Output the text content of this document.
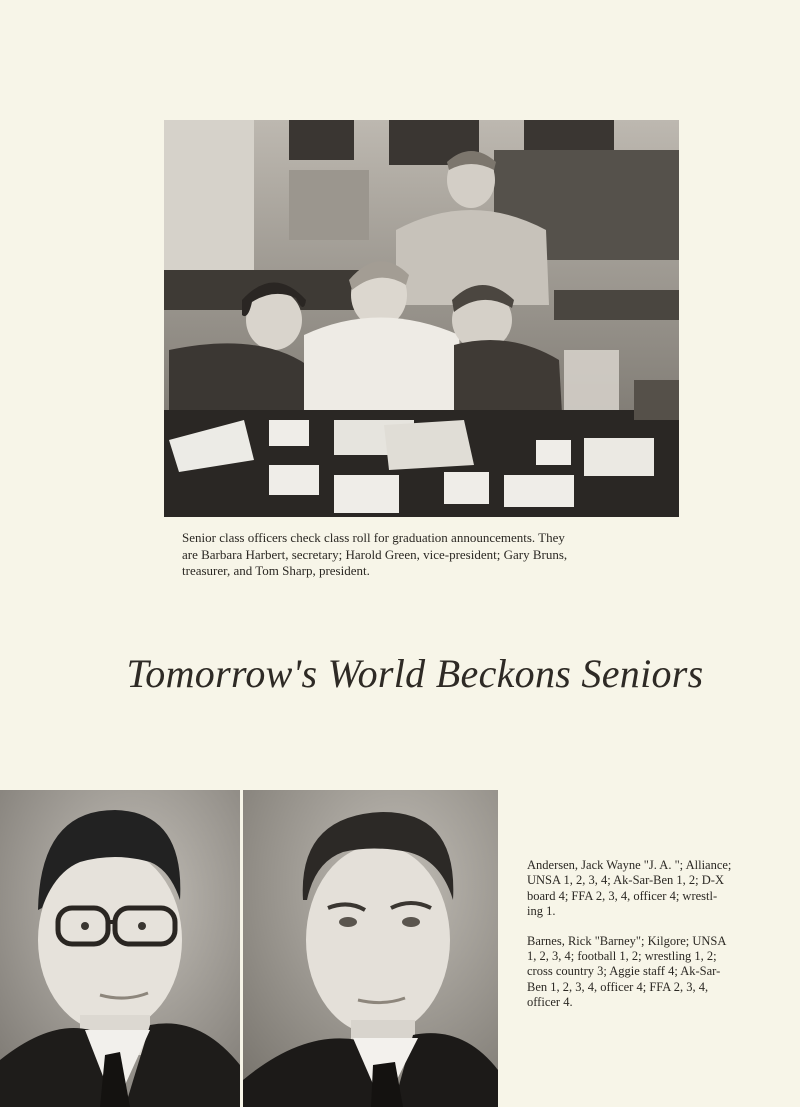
Senior class officers check class roll for graduation announcements. They
are Barbara Harbert, secretary; Harold Green, vice-president; Gary Bruns,
treasurer, and Tom Sharp, president.
Tomorrow's World Beckons Seniors
Andersen, Jack Wayne "J. A. "; Alliance;
UNSA 1, 2, 3, 4; Ak-Sar-Ben 1, 2; D-X
board 4; FFA 2, 3, 4, officer 4; wrestl-
ing 1.
Barnes, Rick "Barney"; Kilgore; UNSA
1, 2, 3, 4; football 1, 2; wrestling 1, 2;
cross country 3; Aggie staff 4; Ak-Sar-
Ben 1, 2, 3, 4, officer 4; FFA 2, 3, 4,
officer 4.
